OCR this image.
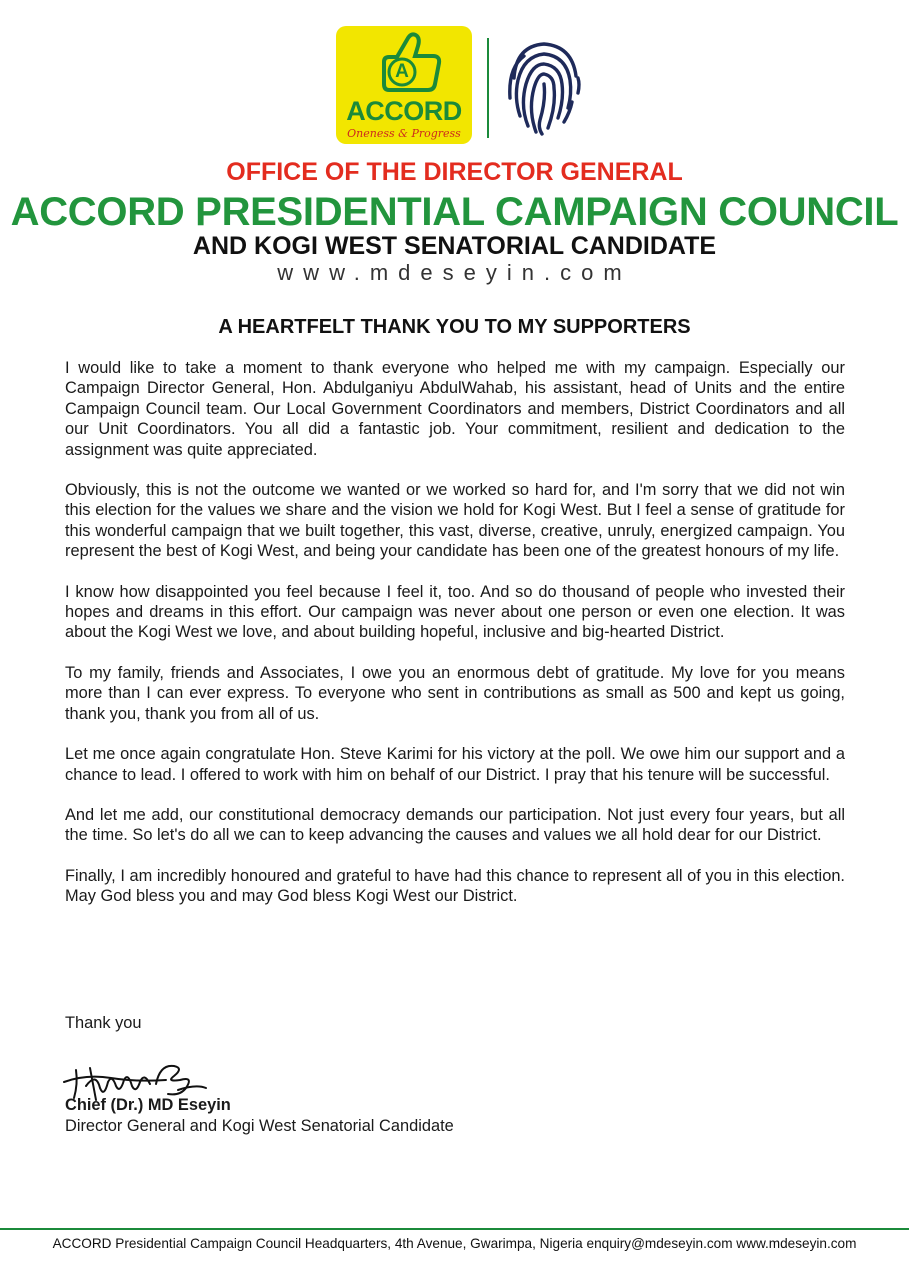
A
ACCORD
Oneness & Progress
OFFICE OF THE DIRECTOR GENERAL
ACCORD PRESIDENTIAL CAMPAIGN COUNCIL
AND KOGI WEST SENATORIAL CANDIDATE
www.mdeseyin.com
A HEARTFELT THANK YOU TO MY SUPPORTERS

I would like to take a moment to thank everyone who helped me with my campaign. Especially our Campaign Director General, Hon. Abdulganiyu AbdulWahab, his assistant, head of Units and the entire Campaign Council team. Our Local Government Coordinators and members, District Coordinators and all our Unit Coordinators. You all did a fantastic job. Your commitment, resilient and dedication to the assignment was quite appreciated.

Obviously, this is not the outcome we wanted or we worked so hard for, and I'm sorry that we did not win this election for the values we share and the vision we hold for Kogi West. But I feel a sense of gratitude for this wonderful campaign that we built together, this vast, diverse, creative, unruly, energized campaign. You represent the best of Kogi West, and being your candidate has been one of the greatest honours of my life.

I know how disappointed you feel because I feel it, too. And so do thousand of people who invested their hopes and dreams in this effort. Our campaign was never about one person or even one election. It was about the Kogi West we love, and about building hopeful, inclusive and big-hearted District.

To my family, friends and Associates, I owe you an enormous debt of gratitude. My love for you means more than I can ever express. To everyone who sent in contributions as small as 500 and kept us going, thank you, thank you from all of us.

Let me once again congratulate Hon. Steve Karimi for his victory at the poll. We owe him our support and a chance to lead. I offered to work with him on behalf of our District. I pray that his tenure will be successful.

And let me add, our constitutional democracy demands our participation. Not just every four years, but all the time. So let's do all we can to keep advancing the causes and values we all hold dear for our District.

Finally, I am incredibly honoured and grateful to have had this chance to represent all of you in this election. May God bless you and may God bless Kogi West our District.

Thank you
Chief (Dr.) MD Eseyin
Director General and Kogi West Senatorial Candidate
ACCORD Presidential Campaign Council Headquarters, 4th Avenue, Gwarimpa, Nigeria enquiry@mdeseyin.com www.mdeseyin.com
